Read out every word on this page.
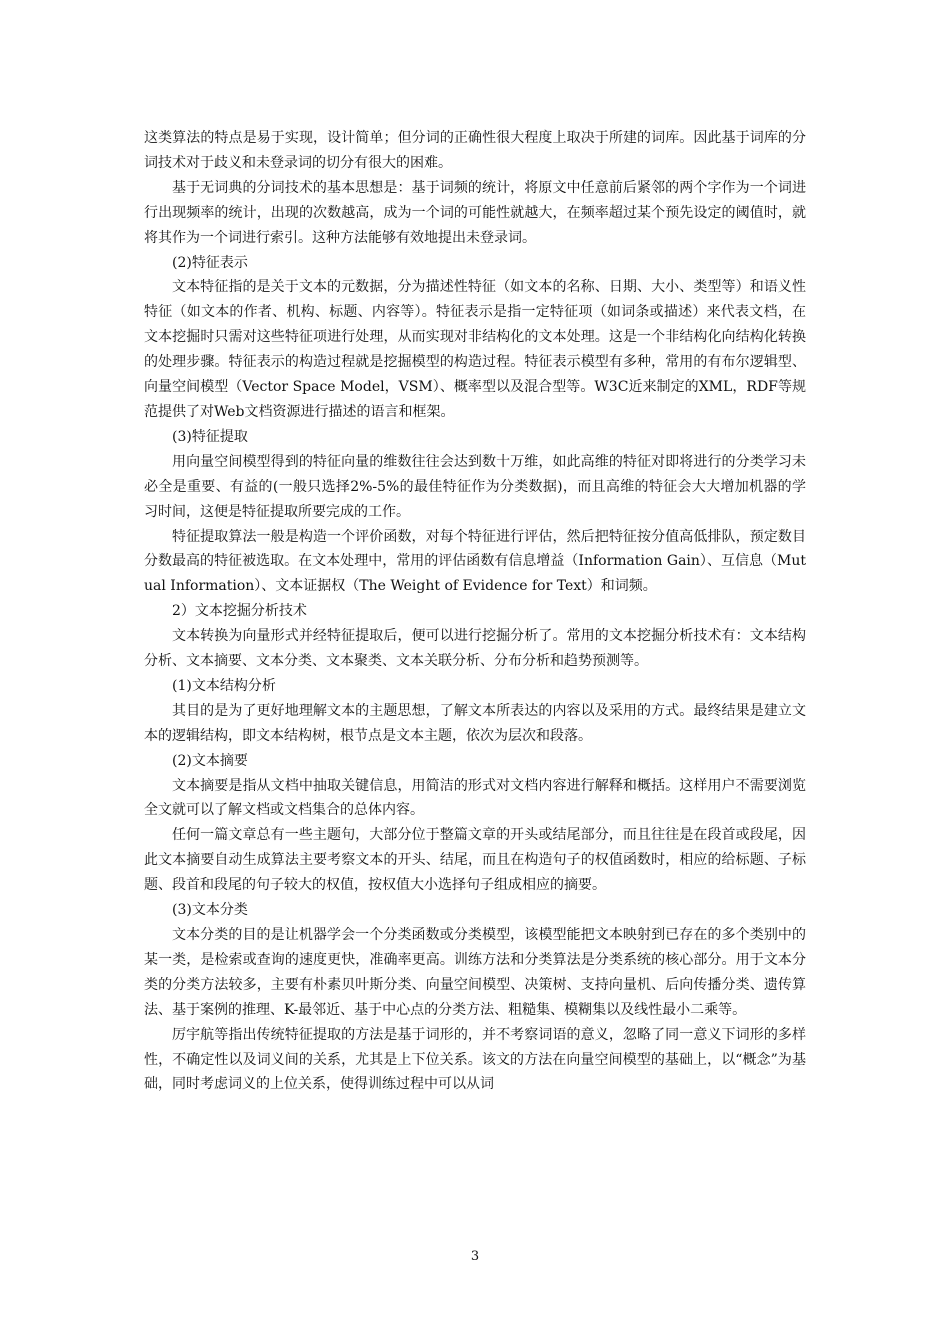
这类算法的特点是易于实现，设计简单；但分词的正确性很大程度上取决于所建的词库。因此基于词库的分词技术对于歧义和未登录词的切分有很大的困难。

基于无词典的分词技术的基本思想是：基于词频的统计，将原文中任意前后紧邻的两个字作为一个词进行出现频率的统计，出现的次数越高，成为一个词的可能性就越大，在频率超过某个预先设定的阈值时，就将其作为一个词进行索引。这种方法能够有效地提出未登录词。

(2)特征表示

文本特征指的是关于文本的元数据，分为描述性特征（如文本的名称、日期、大小、类型等）和语义性特征（如文本的作者、机构、标题、内容等）。特征表示是指一定特征项（如词条或描述）来代表文档，在文本挖掘时只需对这些特征项进行处理，从而实现对非结构化的文本处理。这是一个非结构化向结构化转换的处理步骤。特征表示的构造过程就是挖掘模型的构造过程。特征表示模型有多种，常用的有布尔逻辑型、向量空间模型（Vector Space Model，VSM）、概率型以及混合型等。W3C近来制定的XML，RDF等规范提供了对Web文档资源进行描述的语言和框架。

(3)特征提取

用向量空间模型得到的特征向量的维数往往会达到数十万维，如此高维的特征对即将进行的分类学习未必全是重要、有益的(一般只选择2%-5%的最佳特征作为分类数据)，而且高维的特征会大大增加机器的学习时间，这便是特征提取所要完成的工作。

特征提取算法一般是构造一个评价函数，对每个特征进行评估，然后把特征按分值高低排队，预定数目分数最高的特征被选取。在文本处理中，常用的评估函数有信息增益（Information Gain）、互信息（Mutual Information）、文本证据权（The Weight of Evidence for Text）和词频。

2）文本挖掘分析技术

文本转换为向量形式并经特征提取后，便可以进行挖掘分析了。常用的文本挖掘分析技术有：文本结构分析、文本摘要、文本分类、文本聚类、文本关联分析、分布分析和趋势预测等。

(1)文本结构分析

其目的是为了更好地理解文本的主题思想，了解文本所表达的内容以及采用的方式。最终结果是建立文本的逻辑结构，即文本结构树，根节点是文本主题，依次为层次和段落。

(2)文本摘要

文本摘要是指从文档中抽取关键信息，用简洁的形式对文档内容进行解释和概括。这样用户不需要浏览全文就可以了解文档或文档集合的总体内容。

任何一篇文章总有一些主题句，大部分位于整篇文章的开头或结尾部分，而且往往是在段首或段尾，因此文本摘要自动生成算法主要考察文本的开头、结尾，而且在构造句子的权值函数时，相应的给标题、子标题、段首和段尾的句子较大的权值，按权值大小选择句子组成相应的摘要。

(3)文本分类

文本分类的目的是让机器学会一个分类函数或分类模型，该模型能把文本映射到已存在的多个类别中的某一类，是检索或查询的速度更快，准确率更高。训练方法和分类算法是分类系统的核心部分。用于文本分类的分类方法较多，主要有朴素贝叶斯分类、向量空间模型、决策树、支持向量机、后向传播分类、遗传算法、基于案例的推理、K-最邻近、基于中心点的分类方法、粗糙集、模糊集以及线性最小二乘等。

厉宇航等指出传统特征提取的方法是基于词形的，并不考察词语的意义，忽略了同一意义下词形的多样性，不确定性以及词义间的关系，尤其是上下位关系。该文的方法在向量空间模型的基础上，以“概念”为基础，同时考虑词义的上位关系，使得训练过程中可以从词

3
